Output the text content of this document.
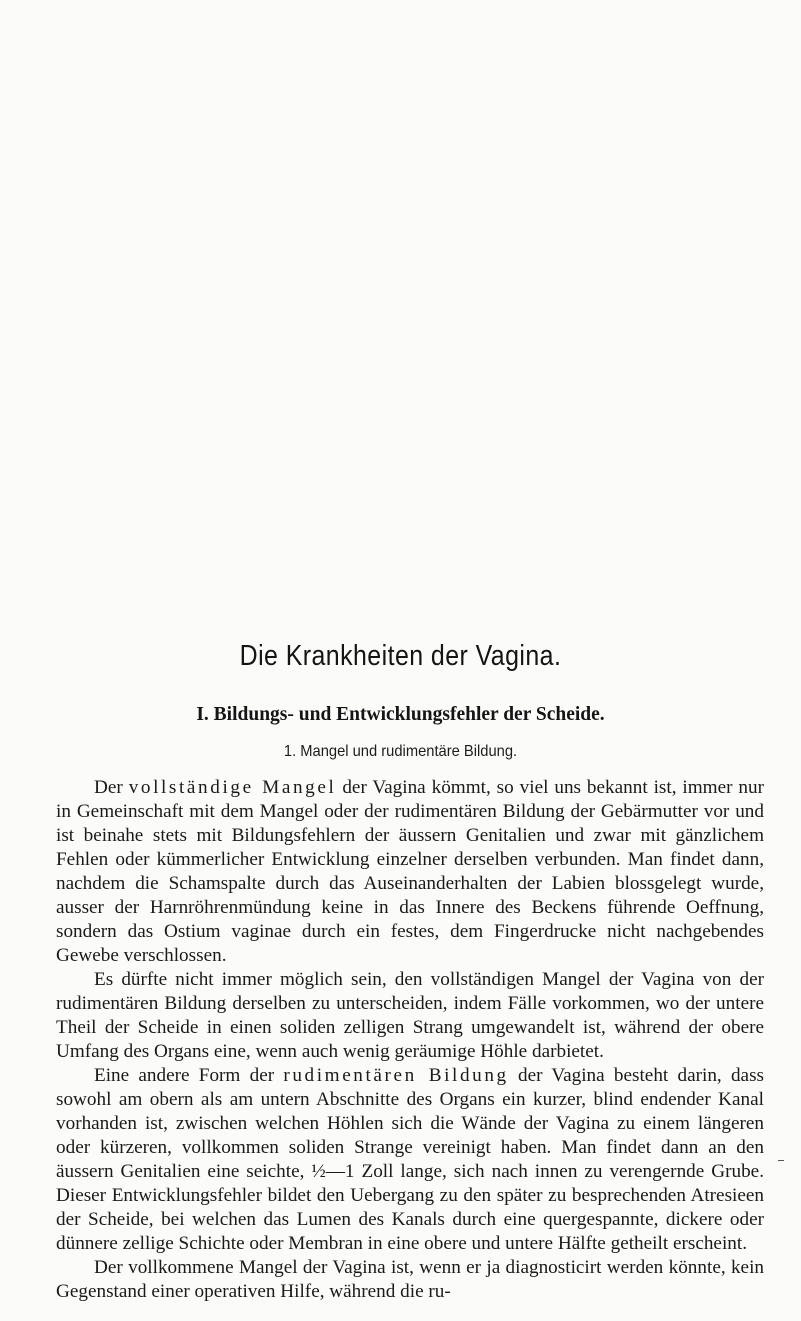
Die Krankheiten der Vagina.
I. Bildungs- und Entwicklungsfehler der Scheide.
1. Mangel und rudimentäre Bildung.

Der vollständige Mangel der Vagina kömmt, so viel uns bekannt ist, immer nur in Gemeinschaft mit dem Mangel oder der rudimentären Bildung der Gebärmutter vor und ist beinahe stets mit Bildungsfehlern der äussern Genitalien und zwar mit gänzlichem Fehlen oder kümmerlicher Entwicklung einzelner derselben verbunden. Man findet dann, nachdem die Schamspalte durch das Auseinanderhalten der Labien blossgelegt wurde, ausser der Harnröhrenmündung keine in das Innere des Beckens führende Oeffnung, sondern das Ostium vaginae durch ein festes, dem Fingerdrucke nicht nachgebendes Gewebe verschlossen.

Es dürfte nicht immer möglich sein, den vollständigen Mangel der Vagina von der rudimentären Bildung derselben zu unterscheiden, indem Fälle vorkommen, wo der untere Theil der Scheide in einen soliden zelligen Strang umgewandelt ist, während der obere Umfang des Organs eine, wenn auch wenig geräumige Höhle darbietet.

Eine andere Form der rudimentären Bildung der Vagina besteht darin, dass sowohl am obern als am untern Abschnitte des Organs ein kurzer, blind endender Kanal vorhanden ist, zwischen welchen Höhlen sich die Wände der Vagina zu einem längeren oder kürzeren, vollkommen soliden Strange vereinigt haben. Man findet dann an den äussern Genitalien eine seichte, ½—1 Zoll lange, sich nach innen zu verengernde Grube. Dieser Entwicklungsfehler bildet den Uebergang zu den später zu besprechenden Atresieen der Scheide, bei welchen das Lumen des Kanals durch eine quergespannte, dickere oder dünnere zellige Schichte oder Membran in eine obere und untere Hälfte getheilt erscheint.

Der vollkommene Mangel der Vagina ist, wenn er ja diagnosticirt werden könnte, kein Gegenstand einer operativen Hilfe, während die ru-
